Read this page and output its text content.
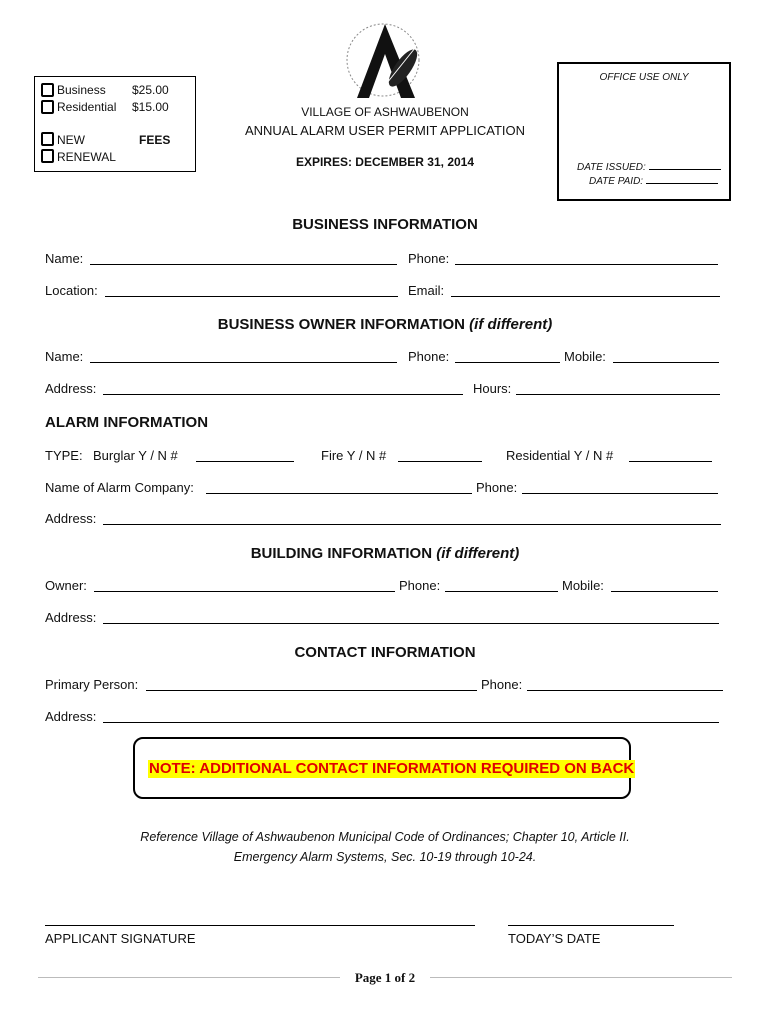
Business $25.00
Residential $15.00
NEW	FEES
RENEWAL
VILLAGE OF ASHWAUBENON
ANNUAL ALARM USER PERMIT APPLICATION
EXPIRES: DECEMBER 31, 2014
OFFICE USE ONLY
DATE ISSUED:
DATE PAID:
BUSINESS INFORMATION
Name:	Phone:
Location:	Email:
BUSINESS OWNER INFORMATION (if different)
Name:	Phone:	Mobile:
Address:	Hours:
ALARM INFORMATION
TYPE: Burglar Y / N #	Fire Y / N #	Residential Y / N #
Name of Alarm Company:	Phone:
Address:
BUILDING INFORMATION (if different)
Owner:	Phone:	Mobile:
Address:
CONTACT INFORMATION
Primary Person:	Phone:
Address:
NOTE: ADDITIONAL CONTACT INFORMATION REQUIRED ON BACK
Reference Village of Ashwaubenon Municipal Code of Ordinances; Chapter 10, Article II.
Emergency Alarm Systems, Sec. 10-19 through 10-24.
APPLICANT SIGNATURE	TODAY’S DATE
Page 1 of 2
